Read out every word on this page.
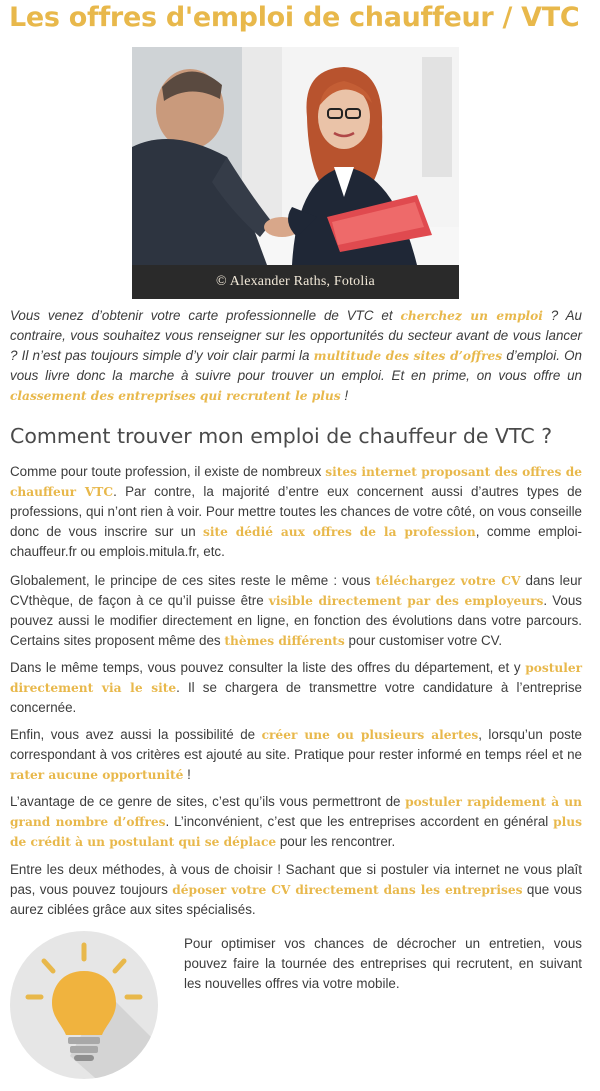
Les offres d'emploi de chauffeur / VTC
© Alexander Raths, Fotolia

Vous venez d’obtenir votre carte professionnelle de VTC et cherchez un emploi ? Au contraire, vous souhaitez vous renseigner sur les opportunités du secteur avant de vous lancer ? Il n’est pas toujours simple d’y voir clair parmi la multitude des sites d’offres d’emploi. On vous livre donc la marche à suivre pour trouver un emploi. Et en prime, on vous offre un classement des entreprises qui recrutent le plus !

Comment trouver mon emploi de chauffeur de VTC ?

Comme pour toute profession, il existe de nombreux sites internet proposant des offres de chauffeur VTC. Par contre, la majorité d’entre eux concernent aussi d’autres types de professions, qui n’ont rien à voir. Pour mettre toutes les chances de votre côté, on vous conseille donc de vous inscrire sur un site dédié aux offres de la profession, comme emploi-chauffeur.fr ou emplois.mitula.fr, etc.

Globalement, le principe de ces sites reste le même : vous téléchargez votre CV dans leur CVthèque, de façon à ce qu’il puisse être visible directement par des employeurs. Vous pouvez aussi le modifier directement en ligne, en fonction des évolutions dans votre parcours. Certains sites proposent même des thèmes différents pour customiser votre CV.

Dans le même temps, vous pouvez consulter la liste des offres du département, et y postuler directement via le site. Il se chargera de transmettre votre candidature à l’entreprise concernée.

Enfin, vous avez aussi la possibilité de créer une ou plusieurs alertes, lorsqu’un poste correspondant à vos critères est ajouté au site. Pratique pour rester informé en temps réel et ne rater aucune opportunité !

L’avantage de ce genre de sites, c’est qu’ils vous permettront de postuler rapidement à un grand nombre d’offres. L’inconvénient, c’est que les entreprises accordent en général plus de crédit à un postulant qui se déplace pour les rencontrer.

Entre les deux méthodes, à vous de choisir ! Sachant que si postuler via internet ne vous plaît pas, vous pouvez toujours déposer votre CV directement dans les entreprises que vous aurez ciblées grâce aux sites spécialisés.

Pour optimiser vos chances de décrocher un entretien, vous pouvez faire la tournée des entreprises qui recrutent, en suivant les nouvelles offres via votre mobile.
